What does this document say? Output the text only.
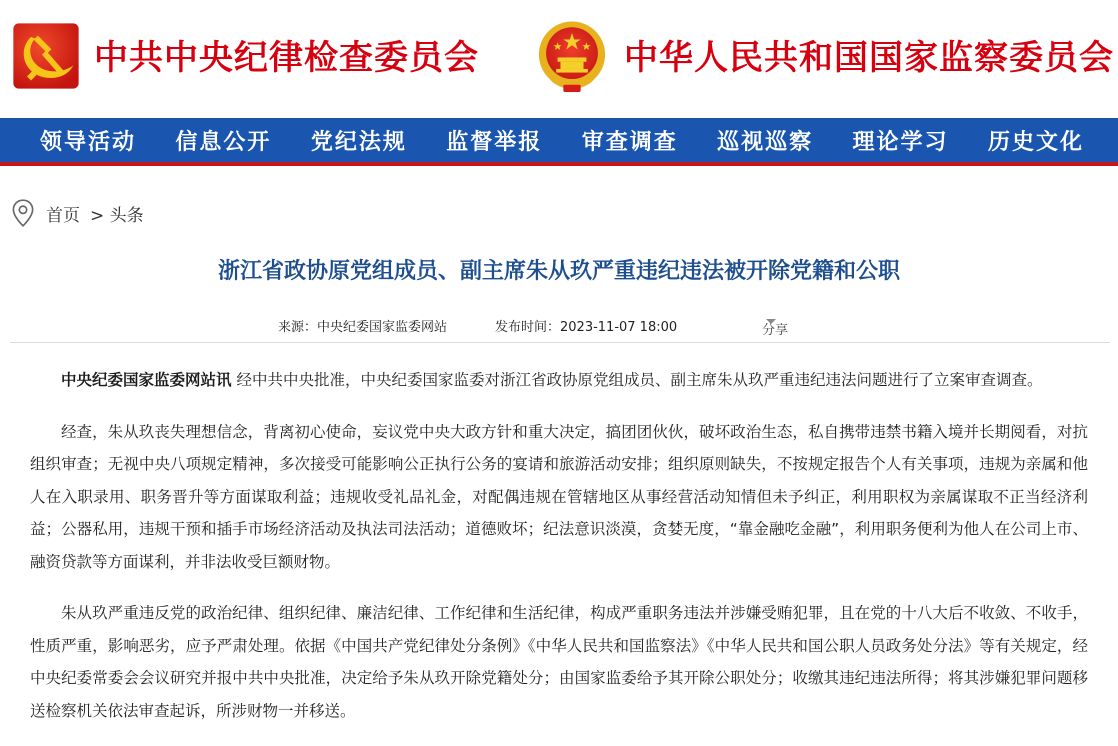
中共中央纪律检查委员会	中华人民共和国国家监察委员会
领导活动 信息公开 党纪法规 监督举报 审查调查 巡视巡察 理论学习 历史文化
首页 > 头条
浙江省政协原党组成员、副主席朱从玖严重违纪违法被开除党籍和公职
来源：中央纪委国家监委网站	发布时间：2023-11-07 18:00	分享

中央纪委国家监委网站讯 经中共中央批准，中央纪委国家监委对浙江省政协原党组成员、副主席朱从玖严重违纪违法问题进行了立案审查调查。

经查，朱从玖丧失理想信念，背离初心使命，妄议党中央大政方针和重大决定，搞团团伙伙，破坏政治生态，私自携带违禁书籍入境并长期阅看，对抗组织审查；无视中央八项规定精神，多次接受可能影响公正执行公务的宴请和旅游活动安排；组织原则缺失，不按规定报告个人有关事项，违规为亲属和他人在入职录用、职务晋升等方面谋取利益；违规收受礼品礼金，对配偶违规在管辖地区从事经营活动知情但未予纠正，利用职权为亲属谋取不正当经济利益；公器私用，违规干预和插手市场经济活动及执法司法活动；道德败坏；纪法意识淡漠，贪婪无度，“靠金融吃金融”，利用职务便利为他人在公司上市、融资贷款等方面谋利，并非法收受巨额财物。

朱从玖严重违反党的政治纪律、组织纪律、廉洁纪律、工作纪律和生活纪律，构成严重职务违法并涉嫌受贿犯罪，且在党的十八大后不收敛、不收手，性质严重，影响恶劣，应予严肃处理。依据《中国共产党纪律处分条例》《中华人民共和国监察法》《中华人民共和国公职人员政务处分法》等有关规定，经中央纪委常委会会议研究并报中共中央批准，决定给予朱从玖开除党籍处分；由国家监委给予其开除公职处分；收缴其违纪违法所得；将其涉嫌犯罪问题移送检察机关依法审查起诉，所涉财物一并移送。
